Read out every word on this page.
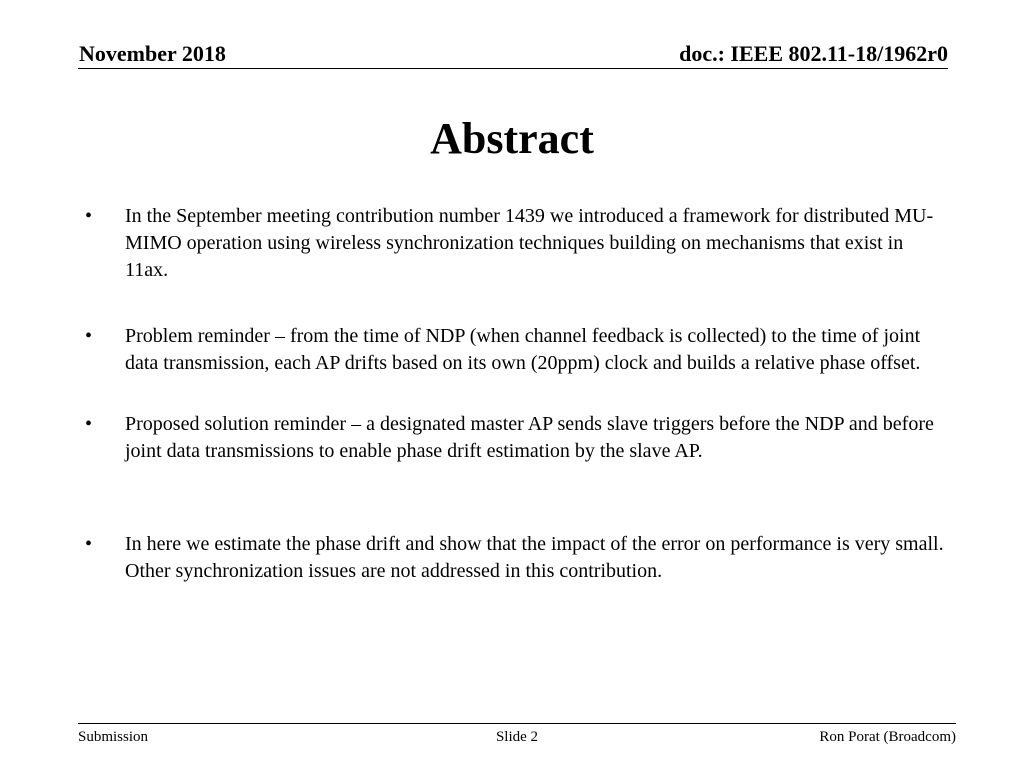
November 2018	doc.: IEEE 802.11-18/1962r0
Abstract
•	In the September meeting contribution number 1439 we introduced a framework for distributed MU-MIMO operation using wireless synchronization techniques building on mechanisms that exist in 11ax.
•	Problem reminder – from the time of NDP (when channel feedback is collected) to the time of joint data transmission, each AP drifts based on its own (20ppm) clock and builds a relative phase offset.
•	Proposed solution reminder – a designated master AP sends slave triggers before the NDP and before joint data transmissions to enable phase drift estimation by the slave AP.
•	In here we estimate the phase drift and show that the impact of the error on performance is very small. Other synchronization issues are not addressed in this contribution.
Submission	Slide 2	Ron Porat (Broadcom)
